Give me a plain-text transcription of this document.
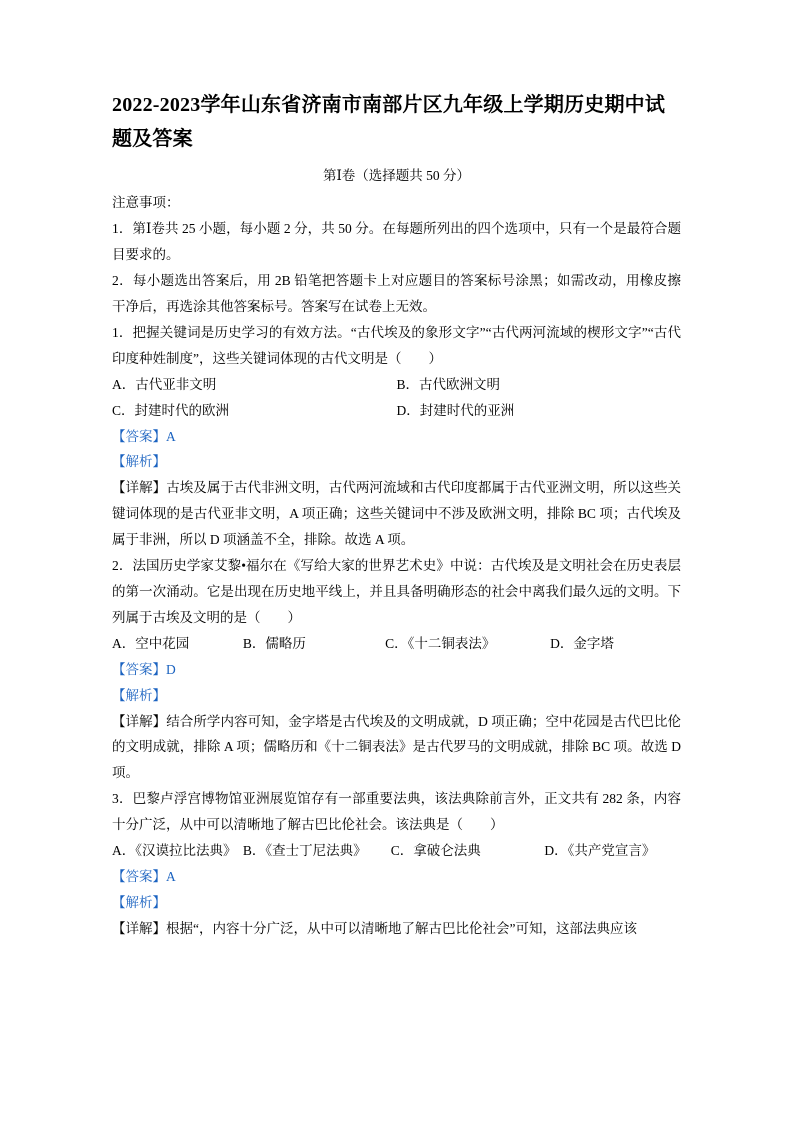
2022-2023学年山东省济南市南部片区九年级上学期历史期中试题及答案
第Ⅰ卷（选择题共 50 分）

注意事项：

1．第Ⅰ卷共 25 小题，每小题 2 分，共 50 分。在每题所列出的四个选项中，只有一个是最符合题目要求的。

2．每小题选出答案后，用 2B 铅笔把答题卡上对应题目的答案标号涂黑；如需改动，用橡皮擦干净后，再选涂其他答案标号。答案写在试卷上无效。

1．把握关键词是历史学习的有效方法。“古代埃及的象形文字”“古代两河流域的楔形文字”“古代印度种姓制度”，这些关键词体现的古代文明是（　　）

A．古代亚非文明	B．古代欧洲文明
C．封建时代的欧洲	D．封建时代的亚洲

【答案】A

【解析】

【详解】古埃及属于古代非洲文明，古代两河流域和古代印度都属于古代亚洲文明，所以这些关键词体现的是古代亚非文明，A 项正确；这些关键词中不涉及欧洲文明，排除 BC 项；古代埃及属于非洲，所以 D 项涵盖不全，排除。故选 A 项。

2．法国历史学家艾黎•福尔在《写给大家的世界艺术史》中说：古代埃及是文明社会在历史表层的第一次涌动。它是出现在历史地平线上，并且具备明确形态的社会中离我们最久远的文明。下列属于古埃及文明的是（　　）

A．空中花园	B．儒略历	C．《十二铜表法》	D．金字塔

【答案】D

【解析】

【详解】结合所学内容可知，金字塔是古代埃及的文明成就，D 项正确；空中花园是古代巴比伦的文明成就，排除 A 项；儒略历和《十二铜表法》是古代罗马的文明成就，排除 BC 项。故选 D 项。

3．巴黎卢浮宫博物馆亚洲展览馆存有一部重要法典，该法典除前言外，正文共有 282 条，内容十分广泛，从中可以清晰地了解古巴比伦社会。该法典是（　　）

A．《汉谟拉比法典》 B．《查士丁尼法典》	C．拿破仑法典	D．《共产党宣言》

【答案】A

【解析】

【详解】根据“，内容十分广泛，从中可以清晰地了解古巴比伦社会”可知，这部法典应该
